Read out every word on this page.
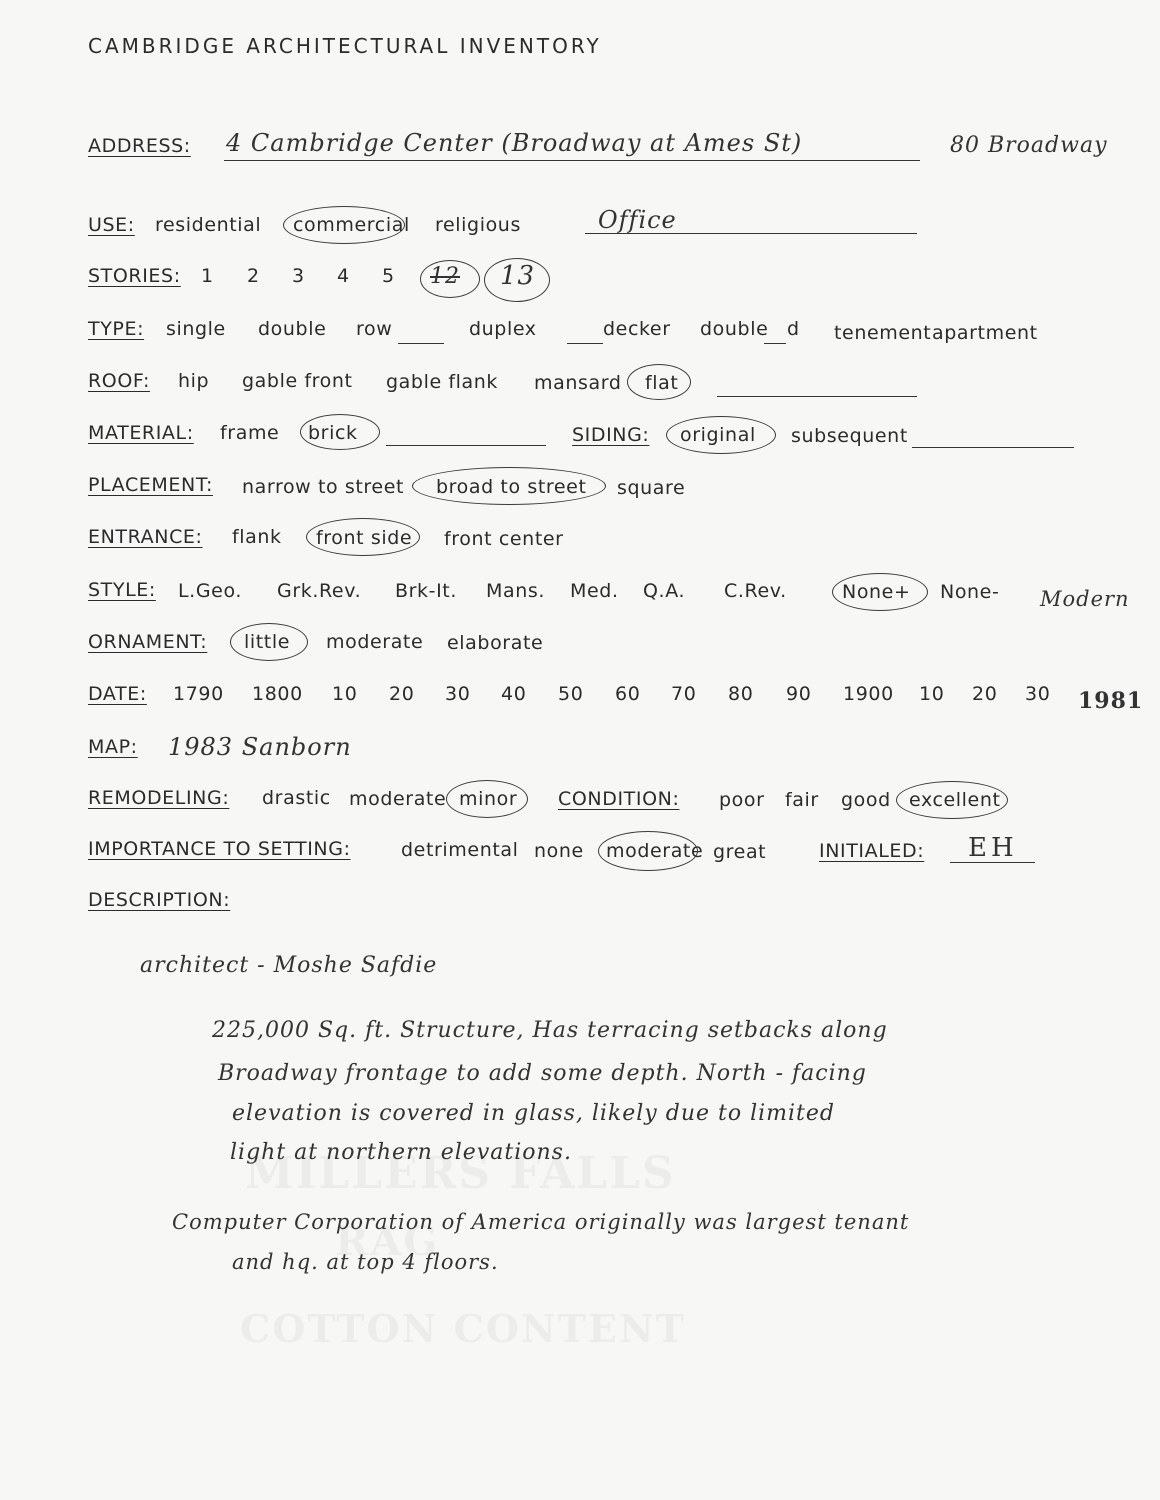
CAMBRIDGE ARCHITECTURAL INVENTORY
ADDRESS: 4 Cambridge Center (Broadway at Ames St)	80 Broadway
USE: residential commercial religious	Office
STORIES: 1 2 3 4 5 12 13
TYPE: single double row	duplex	decker double d tenement apartment
ROOF: hip gable front gable flank mansard flat
MATERIAL: frame brick	SIDING: original subsequent
PLACEMENT: narrow to street broad to street square
ENTRANCE: flank front side front center
STYLE: L.Geo. Grk.Rev. Brk-It. Mans. Med. Q.A. C.Rev.	None+ None- Modern
ORNAMENT: little moderate elaborate
DATE: 1790 1800 10 20 30 40 50 60 70 80 90 1900 10 20 30 1981
MAP: 1983 Sanborn
REMODELING: drastic moderate minor CONDITION: poor fair good excellent
IMPORTANCE TO SETTING:	detrimental none moderate great	INITIALED: EH
DESCRIPTION:
architect - Moshe Safdie
225,000 Sq. ft. Structure, Has terracing setbacks along
Broadway frontage to add some depth. North - facing
elevation is covered in glass, likely due to limited
light at northern elevations.
Computer Corporation of America originally was largest tenant
and hq. at top 4 floors.
